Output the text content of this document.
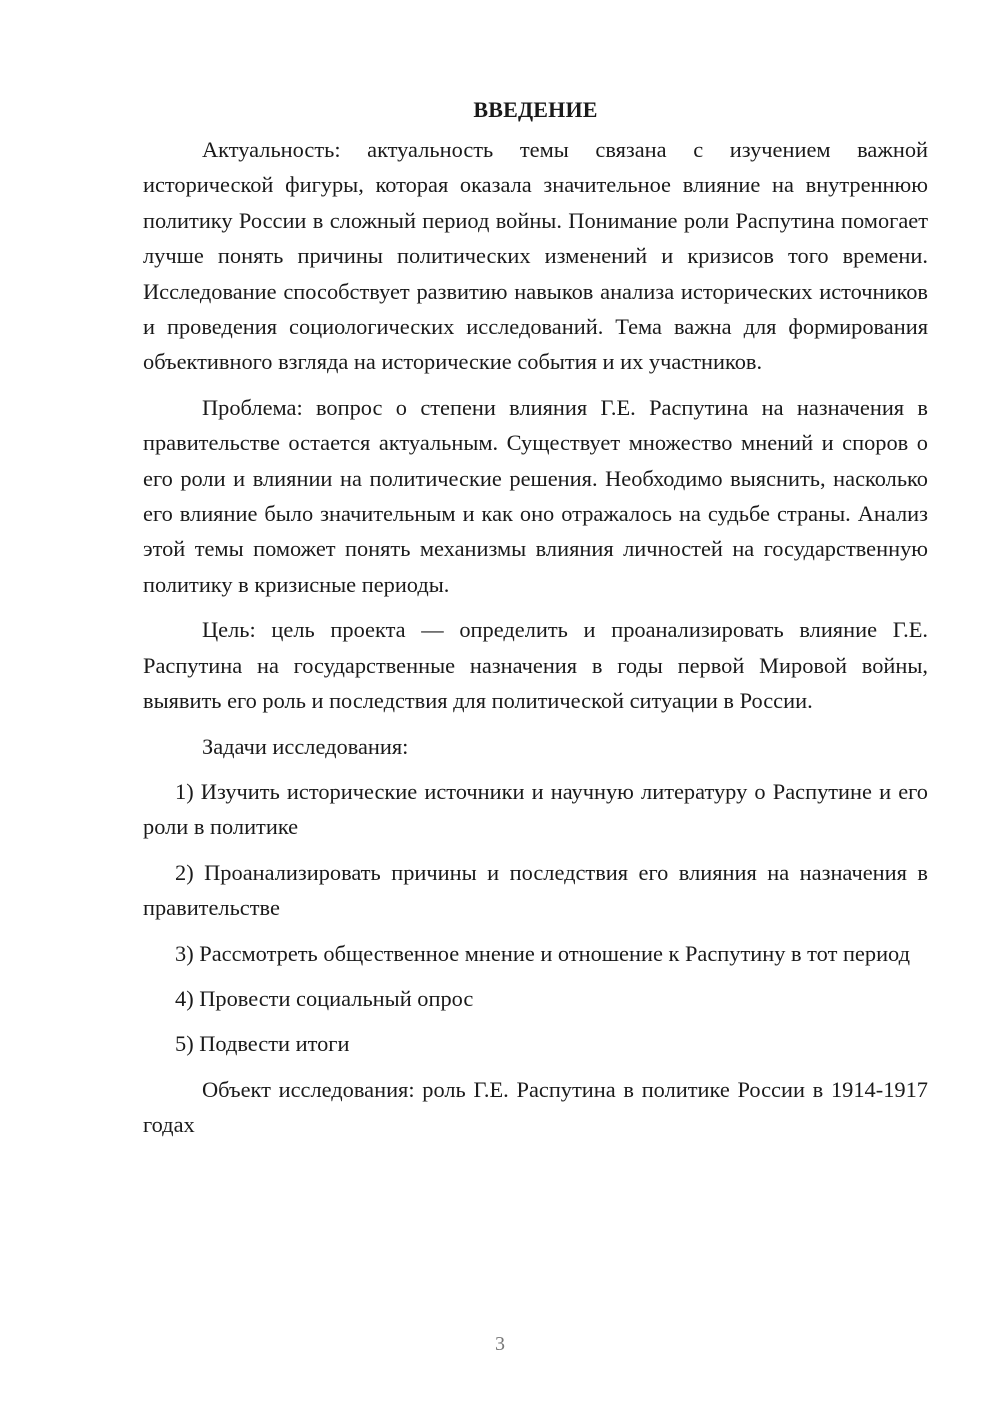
ВВЕДЕНИЕ

Актуальность: актуальность темы связана с изучением важной исторической фигуры, которая оказала значительное влияние на внутреннюю политику России в сложный период войны. Понимание роли Распутина помогает лучше понять причины политических изменений и кризисов того времени. Исследование способствует развитию навыков анализа исторических источников и проведения социологических исследований. Тема важна для формирования объективного взгляда на исторические события и их участников.

Проблема: вопрос о степени влияния Г.Е. Распутина на назначения в правительстве остается актуальным. Существует множество мнений и споров о его роли и влиянии на политические решения. Необходимо выяснить, насколько его влияние было значительным и как оно отражалось на судьбе страны. Анализ этой темы поможет понять механизмы влияния личностей на государственную политику в кризисные периоды.

Цель: цель проекта — определить и проанализировать влияние Г.Е. Распутина на государственные назначения в годы первой Мировой войны, выявить его роль и последствия для политической ситуации в России.

Задачи исследования:

1) Изучить исторические источники и научную литературу о Распутине и его роли в политике

2) Проанализировать причины и последствия его влияния на назначения в правительстве

3) Рассмотреть общественное мнение и отношение к Распутину в тот период

4) Провести социальный опрос

5) Подвести итоги

Объект исследования: роль Г.Е. Распутина в политике России в 1914-1917 годах

3
